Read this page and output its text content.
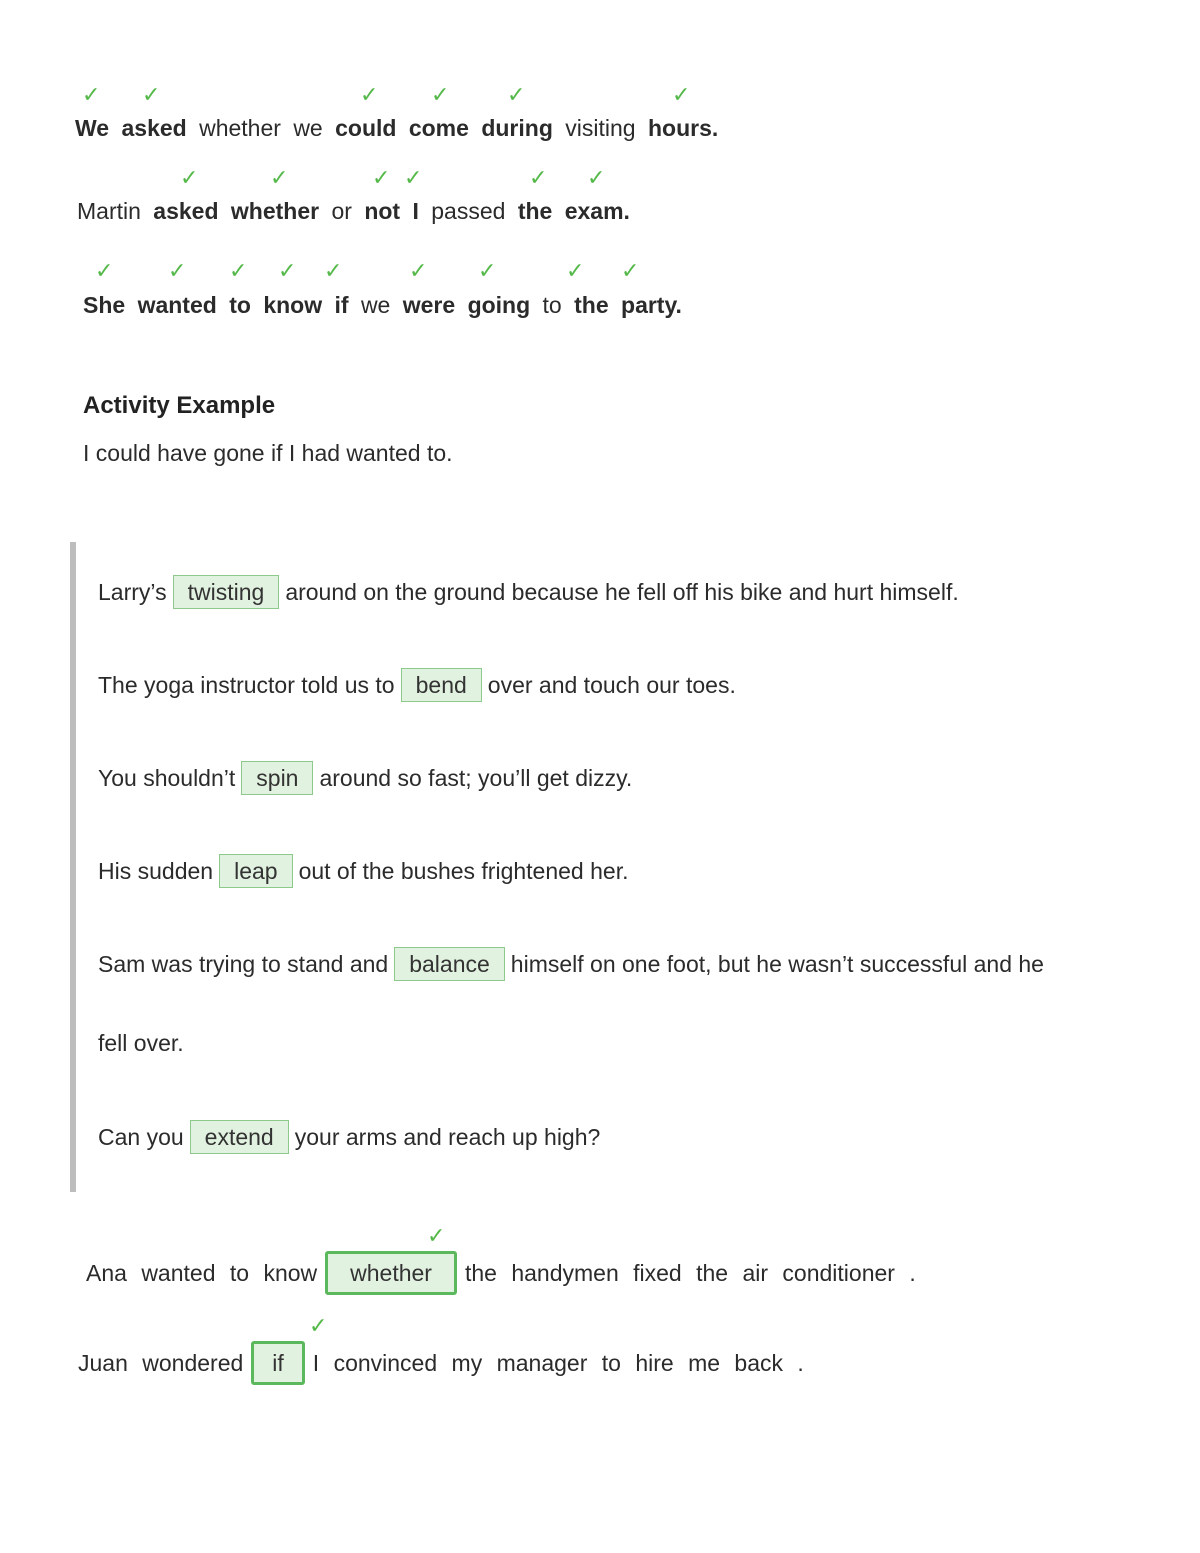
✓ ✓	✓ ✓	✓	✓
We asked whether we could come during visiting hours.
✓	✓	✓ ✓	✓ ✓
Martin asked whether or not I passed the exam.
✓ ✓ ✓ ✓ ✓	✓ ✓	✓ ✓
She wanted to know if we were going to the party.
Activity Example
I could have gone if I had wanted to.
Larry’s twisting around on the ground because he fell off his bike and hurt himself.
The yoga instructor told us to bend over and touch our toes.
You shouldn’t spin around so fast; you’ll get dizzy.
His sudden leap out of the bushes frightened her.
Sam was trying to stand and balance himself on one foot, but he wasn’t successful and he
fell over.
Can you extend your arms and reach up high?
✓
Ana wanted to know whether the handymen fixed the air conditioner .
✓
Juan wondered if I convinced my manager to hire me back .
